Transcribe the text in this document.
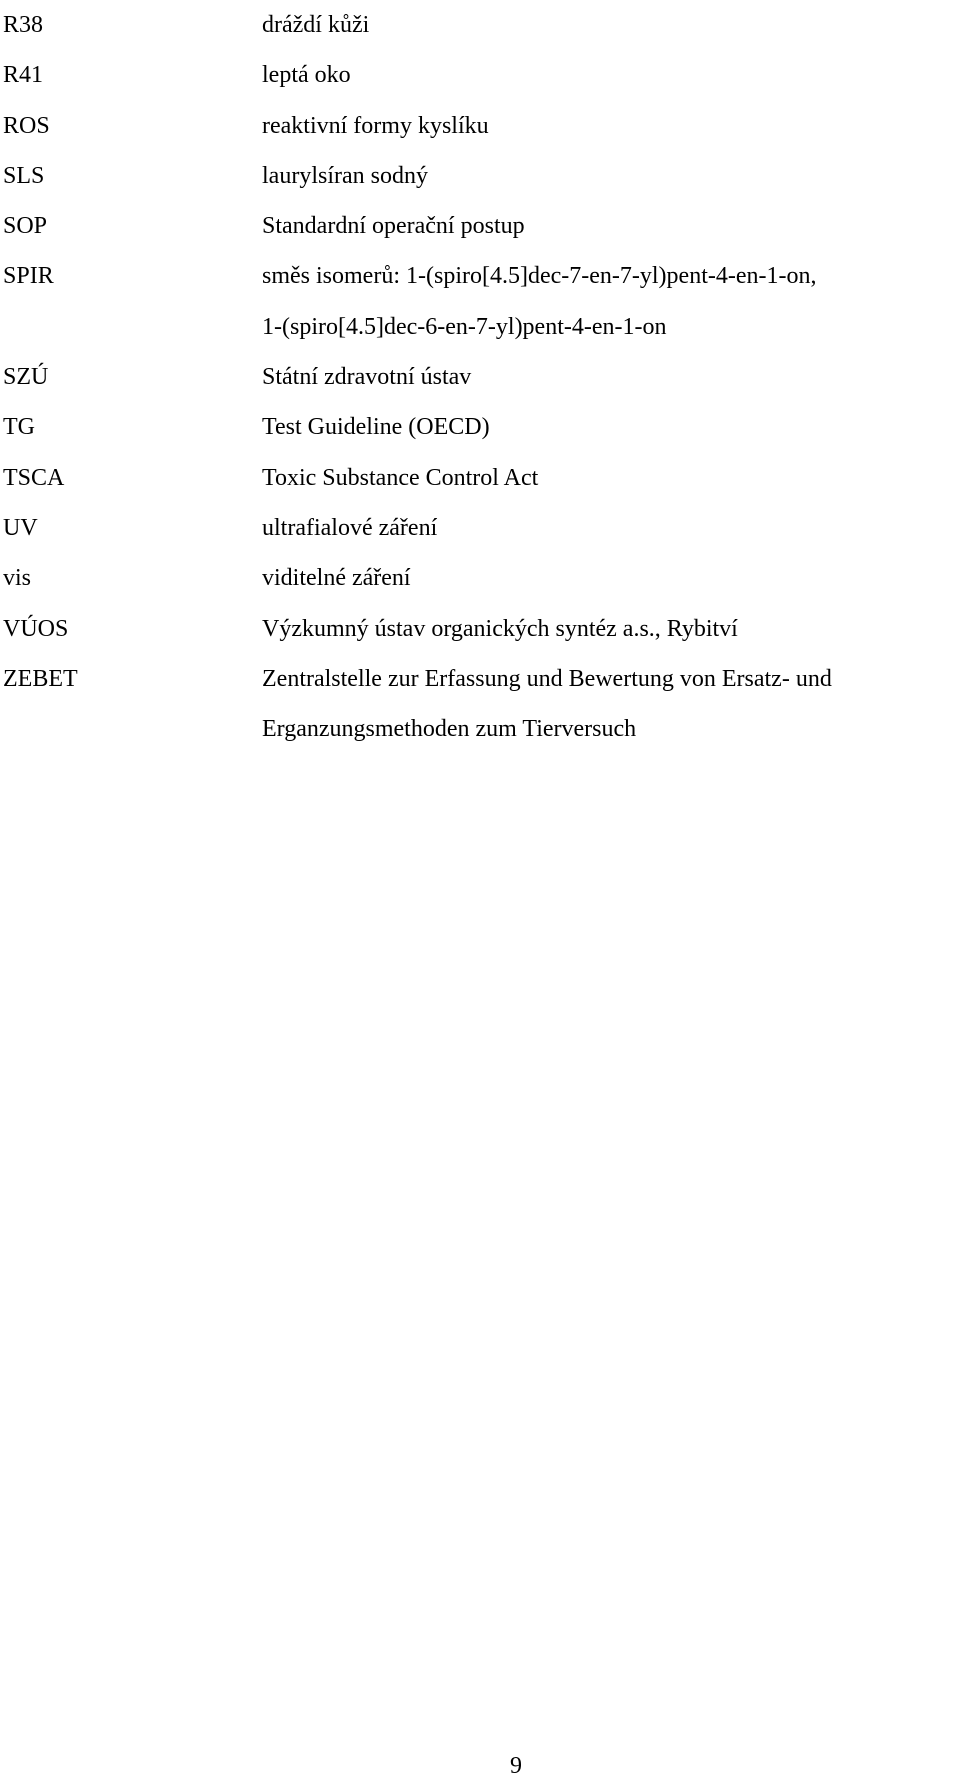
R38	dráždí kůži
R41	leptá oko
ROS	reaktivní formy kyslíku
SLS	laurylsíran sodný
SOP	Standardní operační postup
SPIR	směs isomerů: 1-(spiro[4.5]dec-7-en-7-yl)pent-4-en-1-on,
1-(spiro[4.5]dec-6-en-7-yl)pent-4-en-1-on
SZÚ	Státní zdravotní ústav
TG	Test Guideline (OECD)
TSCA	Toxic Substance Control Act
UV	ultrafialové záření
vis	viditelné záření
VÚOS	Výzkumný ústav organických syntéz a.s., Rybitví
ZEBET	Zentralstelle zur Erfassung und Bewertung von Ersatz- und
Erganzungsmethoden zum Tierversuch
9
